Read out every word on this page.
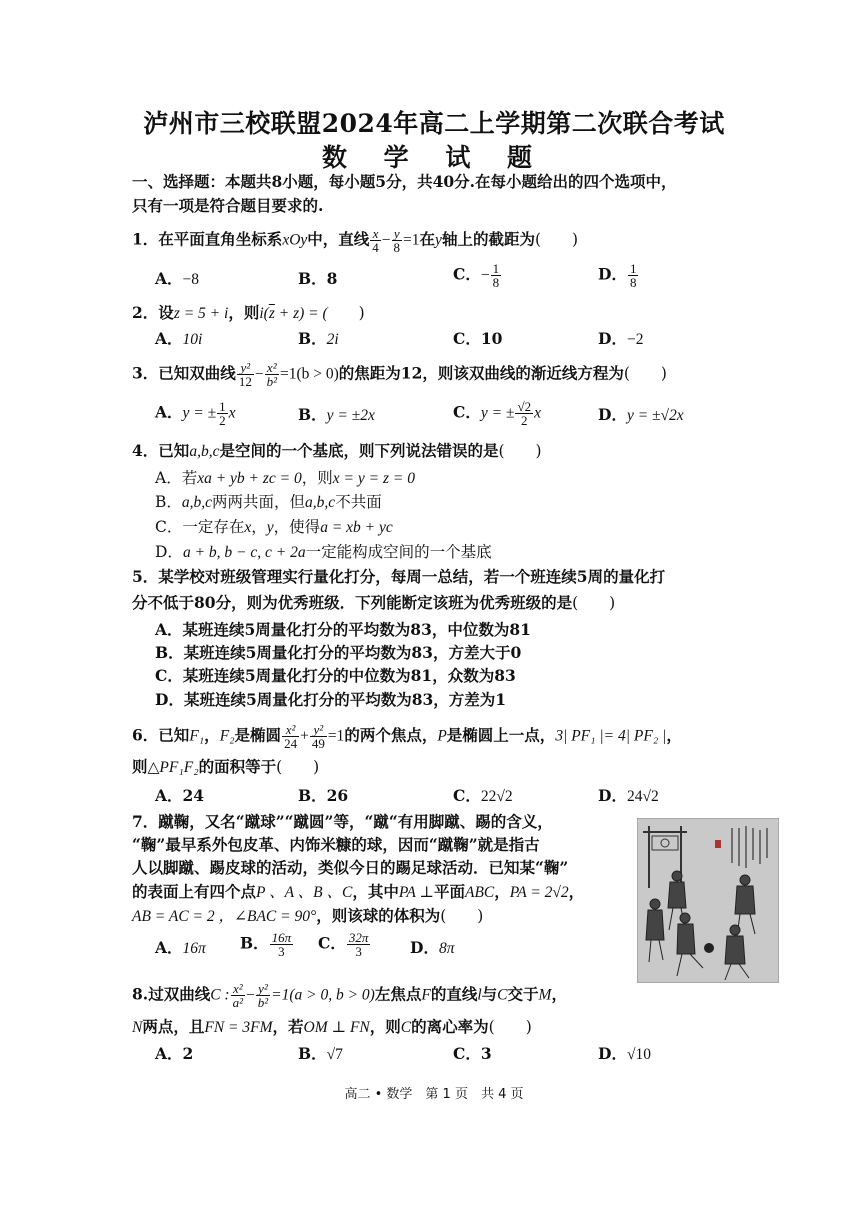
泸州市三校联盟2024年高二上学期第二次联合考试
数 学 试 题
一、选择题：本题共8小题，每小题5分，共40分.在每小题给出的四个选项中，
只有一项是符合题目要求的.
1．在平面直角坐标系xOy中，直线 $\frac{x}{4} - \frac{y}{8} =1$在y轴上的截距为(　　)
A．−8	B．8	C．− $\frac{1}{8}$	D． $\frac{1}{8}$
2．设z = 5 + i，则$i(\overline{z} + z)$ = (　　)
A．10i	B．2i	C．10	D．−2
3．已知双曲线 $\frac{\text{y²}}{12} - \frac{\text{x²}}{\text{b²}} =1(b > 0)$的焦距为12，则该双曲线的渐近线方程为(　　)
A．y = ± $\frac{1}{2}$ x	B．y = ±2x	C．y = ± $\frac{√2}{2}$ x	D．y = ±√2x
4．已知a,b,c是空间的一个基底，则下列说法错误的是(　　)
A．若xa + yb + zc = 0，则x = y = z = 0
B．a,b,c两两共面，但a,b,c不共面
C．一定存在x，y，使得a = xb + yc
D．a + b, b − c, c + 2a一定能构成空间的一个基底
5．某学校对班级管理实行量化打分，每周一总结，若一个班连续5周的量化打
分不低于80分，则为优秀班级．下列能断定该班为优秀班级的是(　　)
A．某班连续5周量化打分的平均数为83，中位数为81
B．某班连续5周量化打分的平均数为83，方差大于0
C．某班连续5周量化打分的中位数为81，众数为83
D．某班连续5周量化打分的平均数为83，方差为1
6．已知F₁，F₂是椭圆 $\frac{\text{x²}}{24} + \frac{\text{y²}}{49} =1$的两个焦点，P是椭圆上一点，3| PF₁ |= 4| PF₂ |，
则△PF₁F₂的面积等于(　　)
A．24	B．26	C．22√2	D．24√2
7．蹴鞠，又名“蹴球”“蹴圆”等，“蹴“有用脚蹴、踢的含义，
“鞠”最早系外包皮革、内饰米糠的球，因而“蹴鞠”就是指古
人以脚蹴、踢皮球的活动，类似今日的踢足球活动．已知某“鞠”
的表面上有四个点P 、A 、B 、C，其中PA ⊥平面ABC，PA = 2√2，
AB = AC = 2 ，∠BAC = 90°，则该球的体积为(　　)
A．16π B． $\frac{16\pi}{3}$ C． $\frac{32\pi}{3}$	D．8π
8.过双曲线C : $\frac{\text{x²}}{\text{a²}} - \frac{\text{y²}}{\text{b²}} =1(a > 0$, b > 0)左焦点F的直线l与C交于M，
N两点，且FN = 3FM，若OM ⊥ FN，则C的离心率为(　　)
A．2	B．√7	C．3	D．√10
高二 • 数学　第 1 页　共 4 页
